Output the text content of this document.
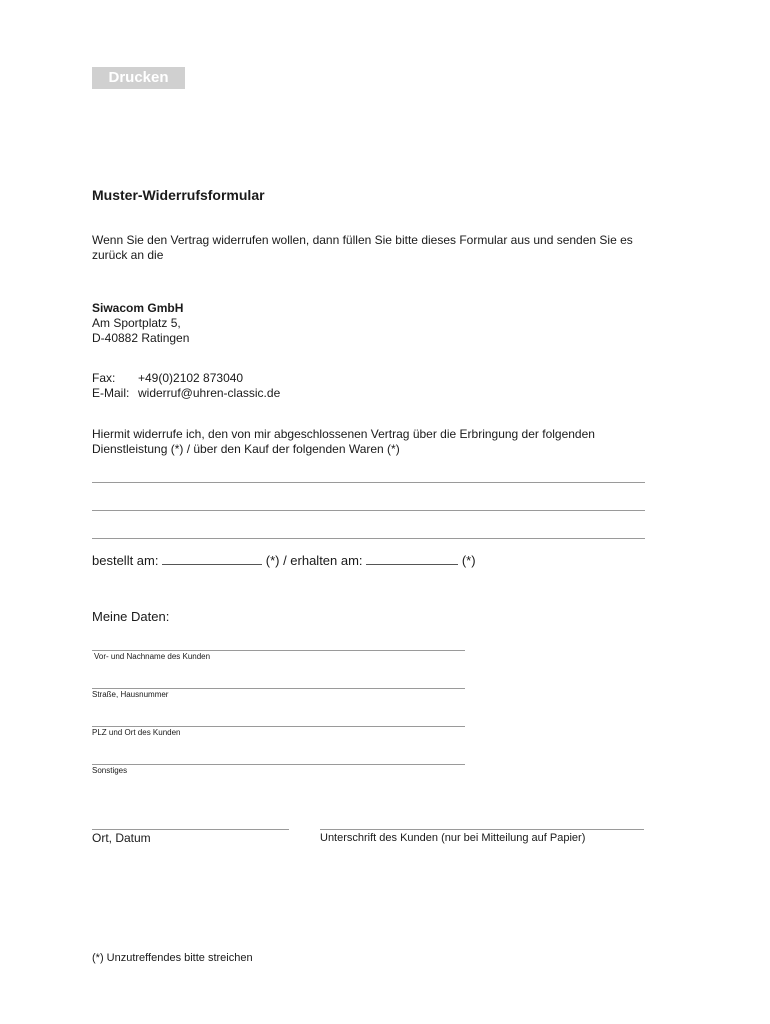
Drucken
Muster-Widerrufsformular
Wenn Sie den Vertrag widerrufen wollen, dann füllen Sie bitte dieses Formular aus und senden Sie es
zurück an die
Siwacom GmbH
Am Sportplatz 5,
D-40882 Ratingen
Fax: +49(0)2102 873040
E-Mail: widerruf@uhren-classic.de
Hiermit widerrufe ich, den von mir abgeschlossenen Vertrag über die Erbringung der folgenden
Dienstleistung (*) / über den Kauf der folgenden Waren (*)
bestellt am:	(*) / erhalten am:	(*)
Meine Daten:
Vor- und Nachname des Kunden
Straße, Hausnummer
PLZ und Ort des Kunden
Sonstiges
Ort, Datum	Unterschrift des Kunden (nur bei Mitteilung auf Papier)
(*) Unzutreffendes bitte streichen
